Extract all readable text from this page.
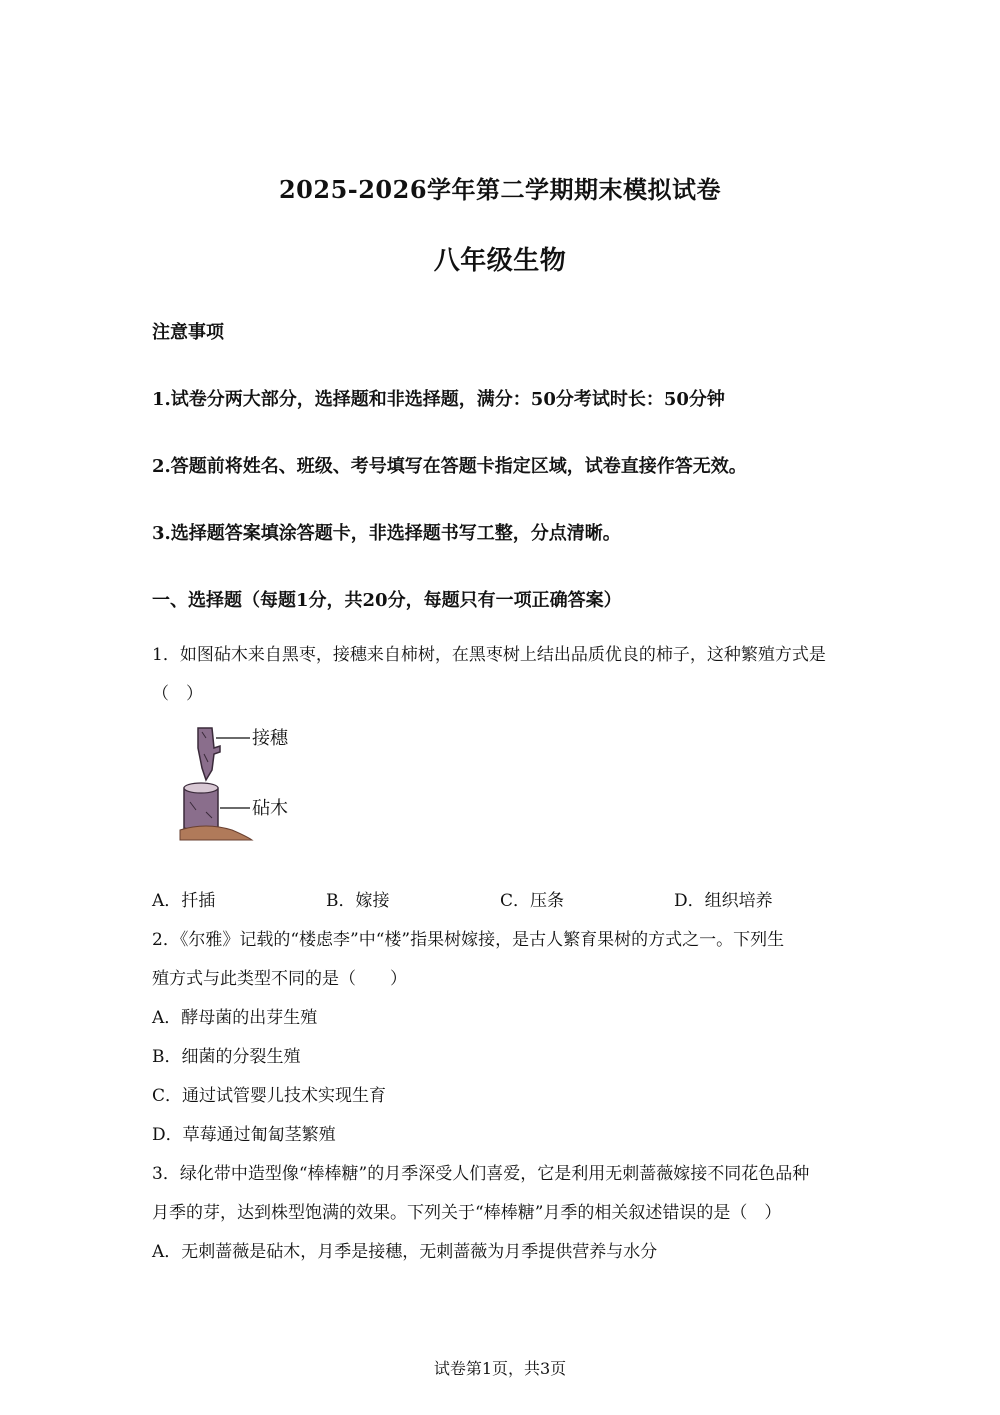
2025-2026学年第二学期期末模拟试卷
八年级生物
注意事项
1.试卷分两大部分，选择题和非选择题，满分：50分考试时长：50分钟
2.答题前将姓名、班级、考号填写在答题卡指定区域，试卷直接作答无效。
3.选择题答案填涂答题卡，非选择题书写工整，分点清晰。
一、选择题（每题1分，共20分，每题只有一项正确答案）
1．如图砧木来自黑枣，接穗来自柿树，在黑枣树上结出品质优良的柿子，这种繁殖方式是
（　）
接穗
砧木
A．扦插	B．嫁接	C．压条	D．组织培养
2．《尔雅》记载的“楼虑李”中“楼”指果树嫁接，是古人繁育果树的方式之一。下列生
殖方式与此类型不同的是（　　）
A．酵母菌的出芽生殖
B．细菌的分裂生殖
C．通过试管婴儿技术实现生育
D．草莓通过匍匐茎繁殖
3．绿化带中造型像“棒棒糖”的月季深受人们喜爱，它是利用无刺蔷薇嫁接不同花色品种
月季的芽，达到株型饱满的效果。下列关于“棒棒糖”月季的相关叙述错误的是（　）
A．无刺蔷薇是砧木，月季是接穗，无刺蔷薇为月季提供营养与水分
试卷第1页，共3页
